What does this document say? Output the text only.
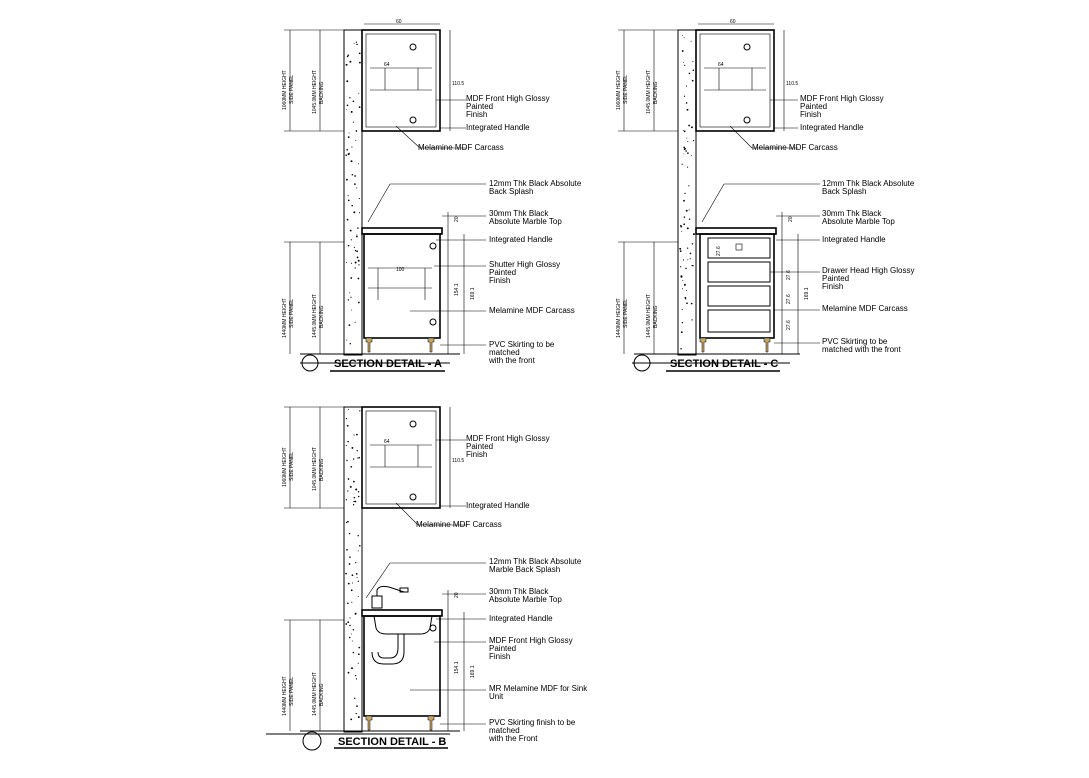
60
110.5
64
1060MM HEIGHT SIDE PANEL	1045.0MM HEIGHT BACKING
100
20
154.1 169.1
1440MM HEIGHT SIDE PANEL	1445.0MM HEIGHT BACKING
MDF Front High Glossy Painted Finish
Integrated Handle
Melamine MDF Carcass
12mm Thk Black Absolute Back Splash
30mm Thk Black Absolute Marble Top
Integrated Handle
Shutter High Glossy Painted Finish
Melamine MDF Carcass
PVC Skirting to be matched with the front
SECTION DETAIL - A
60
110.5
64
1060MM HEIGHT SIDE PANEL	1045.0MM HEIGHT BACKING
27.6
27.6
27.6
27.6
20
169.1
1440MM HEIGHT SIDE PANEL	1445.0MM HEIGHT BACKING
MDF Front High Glossy Painted Finish
Integrated Handle
Melamine MDF Carcass
12mm Thk Black Absolute Back Splash
30mm Thk Black Absolute Marble Top
Integrated Handle
Drawer Head High Glossy Painted Finish
Melamine MDF Carcass
PVC Skirting to be matched with the front
SECTION DETAIL - C
110.5
64
1060MM HEIGHT SIDE PANEL	1045.0MM HEIGHT BACKING
20
154.1 169.1
1440MM HEIGHT SIDE PANEL	1445.0MM HEIGHT BACKING
MDF Front High Glossy Painted Finish
Integrated Handle
Melamine MDF Carcass
12mm Thk Black Absolute Marble Back Splash
30mm Thk Black Absolute Marble Top
Integrated Handle
MDF Front High Glossy Painted Finish
MR Melamine MDF for Sink Unit
PVC Skirting finish to be matched with the Front
SECTION DETAIL - B
